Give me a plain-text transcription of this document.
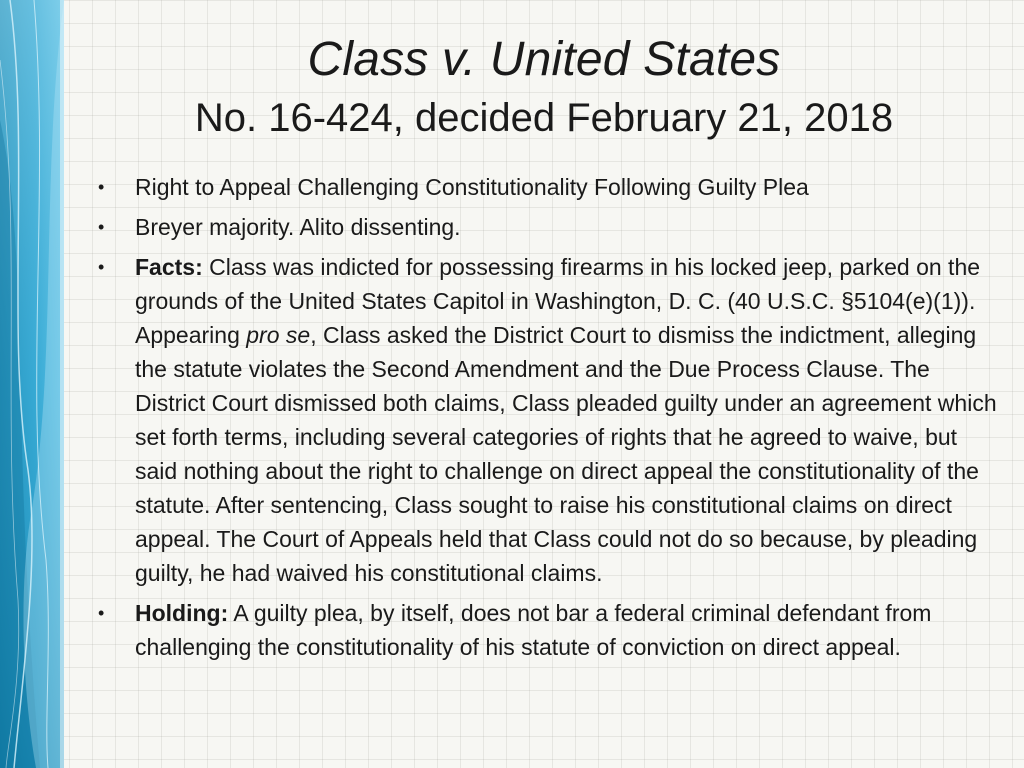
Class v. United States
No. 16-424, decided February 21, 2018
• Right to Appeal Challenging Constitutionality Following Guilty Plea
• Breyer majority. Alito dissenting.
• Facts: Class was indicted for possessing firearms in his locked jeep, parked on the grounds of the United States Capitol in Washington, D. C. (40 U.S.C. §5104(e)(1)). Appearing pro se, Class asked the District Court to dismiss the indictment, alleging the statute violates the Second Amendment and the Due Process Clause. The District Court dismissed both claims, Class pleaded guilty under an agreement which set forth terms, including several categories of rights that he agreed to waive, but said nothing about the right to challenge on direct appeal the constitutionality of the statute. After sentencing, Class sought to raise his constitutional claims on direct appeal. The Court of Appeals held that Class could not do so because, by pleading guilty, he had waived his constitutional claims.
• Holding: A guilty plea, by itself, does not bar a federal criminal defendant from challenging the constitutionality of his statute of conviction on direct appeal.
